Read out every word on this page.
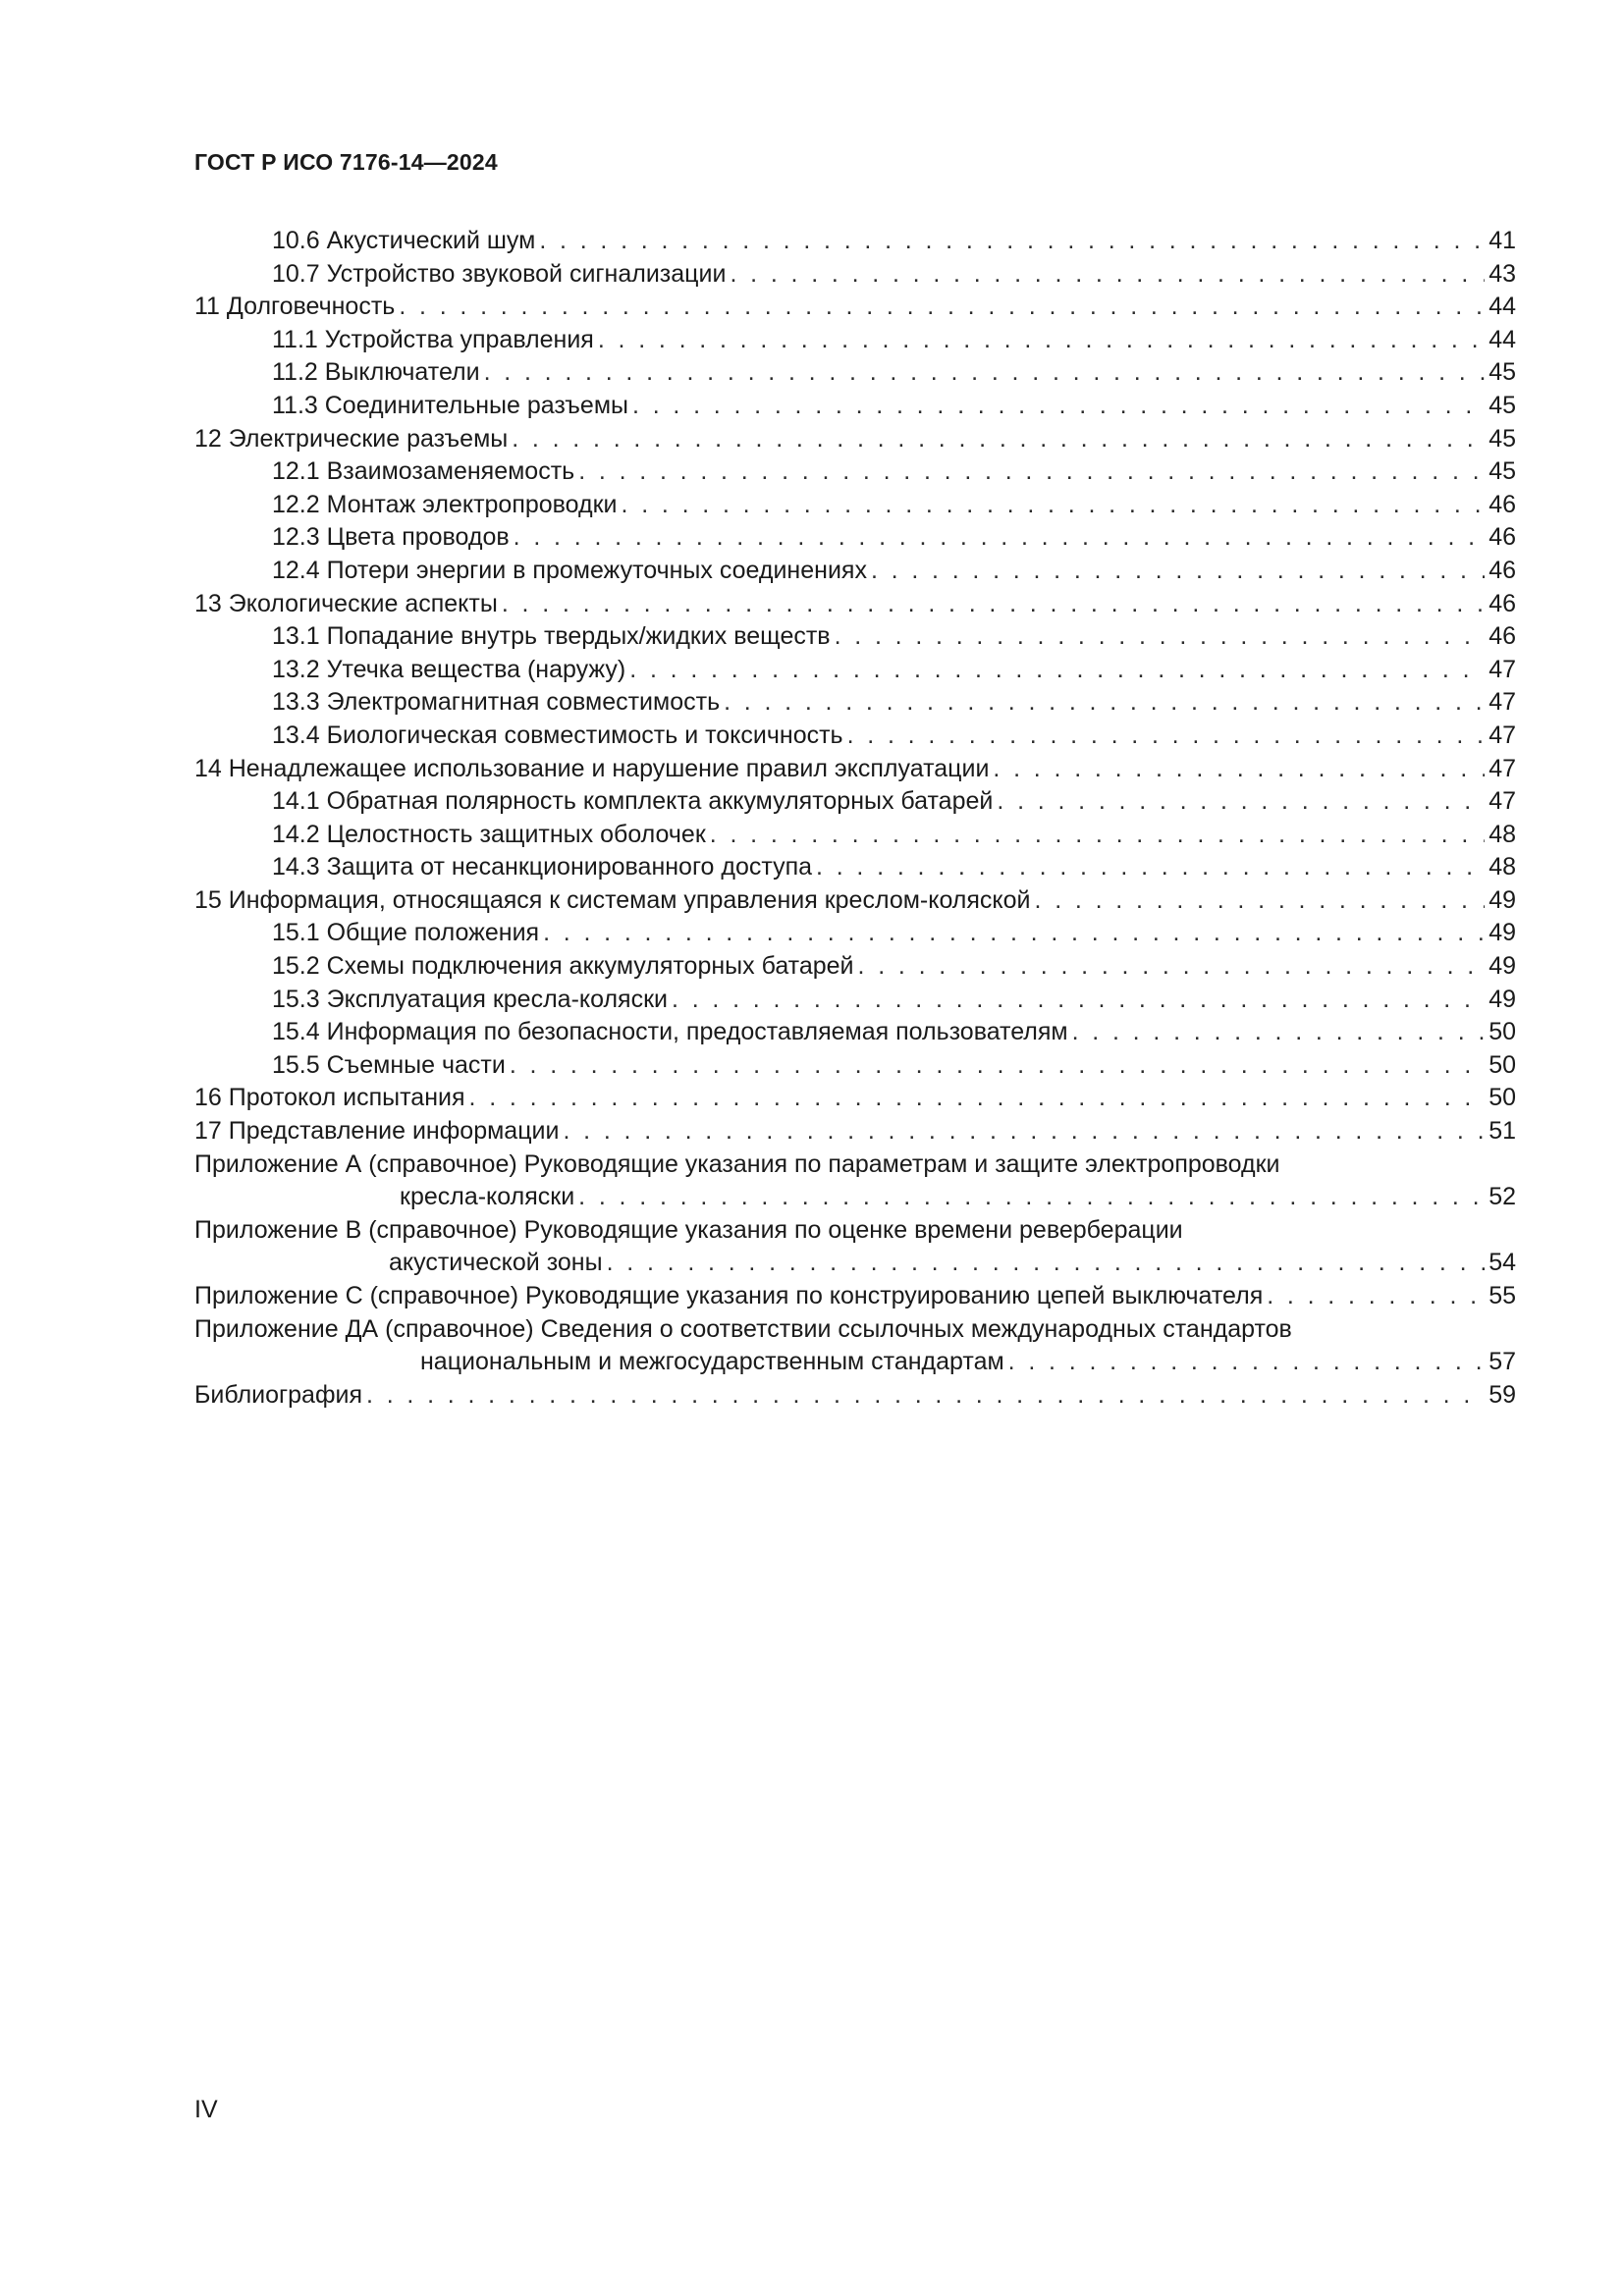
ГОСТ Р ИСО 7176-14—2024
10.6 Акустический шум . . .	41
10.7 Устройство звуковой сигнализации . . .	43
11 Долговечность . . .	44
11.1 Устройства управления . . .	44
11.2 Выключатели . . .	45
11.3 Соединительные разъемы . . .	45
12 Электрические разъемы . . .	45
12.1 Взаимозаменяемость . . .	45
12.2 Монтаж электропроводки . . .	46
12.3 Цвета проводов . . .	46
12.4 Потери энергии в промежуточных соединениях . . .	46
13 Экологические аспекты . . .	46
13.1 Попадание внутрь твердых/жидких веществ . . .	46
13.2 Утечка вещества (наружу) . . .	47
13.3 Электромагнитная совместимость . . .	47
13.4 Биологическая совместимость и токсичность . . .	47
14 Ненадлежащее использование и нарушение правил эксплуатации . . .	47
14.1 Обратная полярность комплекта аккумуляторных батарей . . .	47
14.2 Целостность защитных оболочек . . .	48
14.3 Защита от несанкционированного доступа . . .	48
15 Информация, относящаяся к системам управления креслом-коляской . . .	49
15.1 Общие положения . . .	49
15.2 Схемы подключения аккумуляторных батарей . . .	49
15.3 Эксплуатация кресла-коляски . . .	49
15.4 Информация по безопасности, предоставляемая пользователям . . .	50
15.5 Съемные части . . .	50
16 Протокол испытания . . .	50
17 Представление информации . . .	51
Приложение А (справочное) Руководящие указания по параметрам и защите электропроводки
кресла-коляски . . .	52
Приложение В (справочное) Руководящие указания по оценке времени реверберации
акустической зоны . . .	54
Приложение С (справочное) Руководящие указания по конструированию цепей выключателя . . .	55
Приложение ДА (справочное) Сведения о соответствии ссылочных международных стандартов
национальным и межгосударственным стандартам . . .	57
Библиография . . .	59
IV
